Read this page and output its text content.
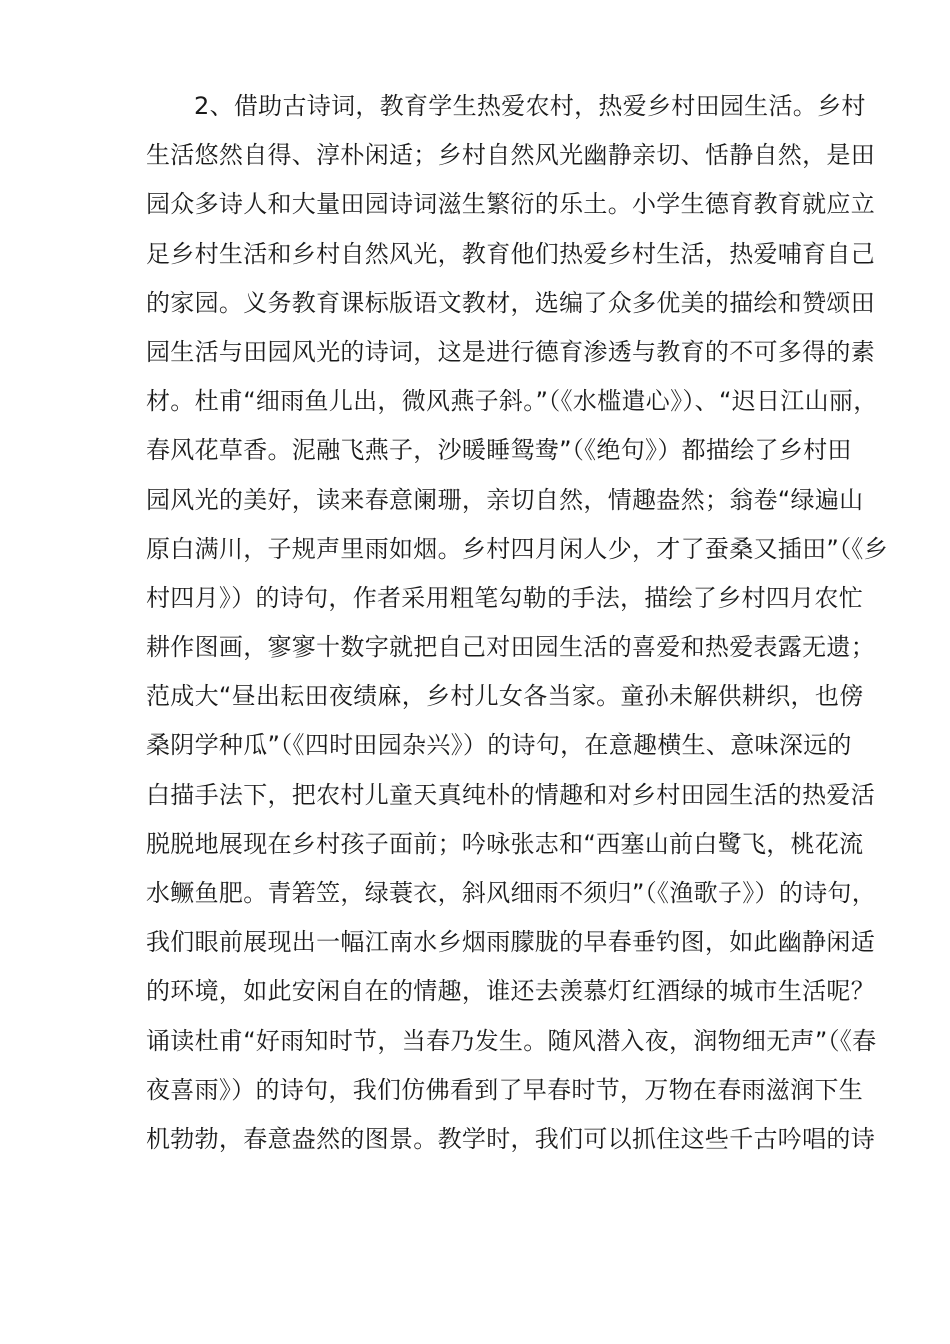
2、借助古诗词，教育学生热爱农村，热爱乡村田园生活。乡村
生活悠然自得、淳朴闲适；乡村自然风光幽静亲切、恬静自然，是田
园众多诗人和大量田园诗词滋生繁衍的乐土。小学生德育教育就应立
足乡村生活和乡村自然风光，教育他们热爱乡村生活，热爱哺育自己
的家园。义务教育课标版语文教材，选编了众多优美的描绘和赞颂田
园生活与田园风光的诗词，这是进行德育渗透与教育的不可多得的素
材。杜甫“细雨鱼儿出，微风燕子斜。”（《水槛遣心》）、“迟日江山丽，
春风花草香。泥融飞燕子，沙暖睡鸳鸯”（《绝句》）都描绘了乡村田
园风光的美好，读来春意阑珊，亲切自然，情趣盎然；翁卷“绿遍山
原白满川，子规声里雨如烟。乡村四月闲人少，才了蚕桑又插田”（《乡
村四月》）的诗句，作者采用粗笔勾勒的手法，描绘了乡村四月农忙
耕作图画，寥寥十数字就把自己对田园生活的喜爱和热爱表露无遗；
范成大“昼出耘田夜绩麻，乡村儿女各当家。童孙未解供耕织，也傍
桑阴学种瓜”（《四时田园杂兴》）的诗句，在意趣横生、意味深远的
白描手法下，把农村儿童天真纯朴的情趣和对乡村田园生活的热爱活
脱脱地展现在乡村孩子面前；吟咏张志和“西塞山前白鹭飞，桃花流
水鳜鱼肥。青箬笠，绿蓑衣，斜风细雨不须归”（《渔歌子》）的诗句，
我们眼前展现出一幅江南水乡烟雨朦胧的早春垂钓图，如此幽静闲适
的环境，如此安闲自在的情趣，谁还去羡慕灯红酒绿的城市生活呢？
诵读杜甫“好雨知时节，当春乃发生。随风潜入夜，润物细无声”（《春
夜喜雨》）的诗句，我们仿佛看到了早春时节，万物在春雨滋润下生
机勃勃，春意盎然的图景。教学时，我们可以抓住这些千古吟唱的诗
